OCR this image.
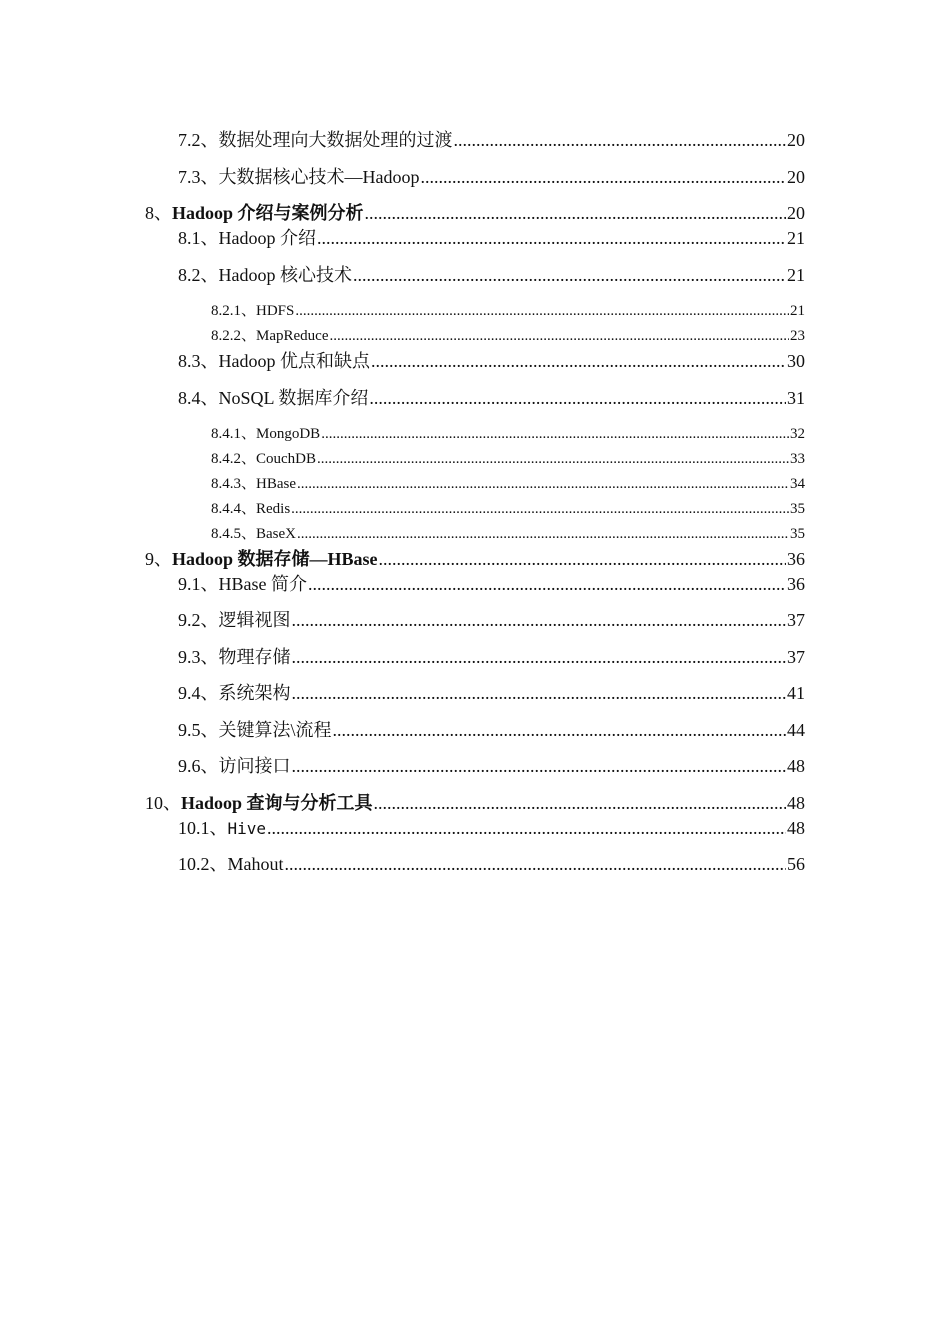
7.2、数据处理向大数据处理的过渡 .....	20
7.3、大数据核心技术—Hadoop .....	20
8、Hadoop 介绍与案例分析 .....	20
8.1、Hadoop 介绍 .....	21
8.2、Hadoop 核心技术 .....	21
8.2.1、HDFS .....	21
8.2.2、MapReduce .....	23
8.3、Hadoop 优点和缺点 .....	30
8.4、NoSQL 数据库介绍 .....	31
8.4.1、MongoDB .....	32
8.4.2、CouchDB .....	33
8.4.3、HBase .....	34
8.4.4、Redis .....	35
8.4.5、BaseX .....	35
9、Hadoop 数据存储—HBase .....	36
9.1、HBase 简介 .....	36
9.2、逻辑视图 .....	37
9.3、物理存储 .....	37
9.4、系统架构 .....	41
9.5、关键算法\流程 .....	44
9.6、访问接口 .....	48
10、Hadoop 查询与分析工具 .....	48
10.1、Hive .....	48
10.2、Mahout .....	56
